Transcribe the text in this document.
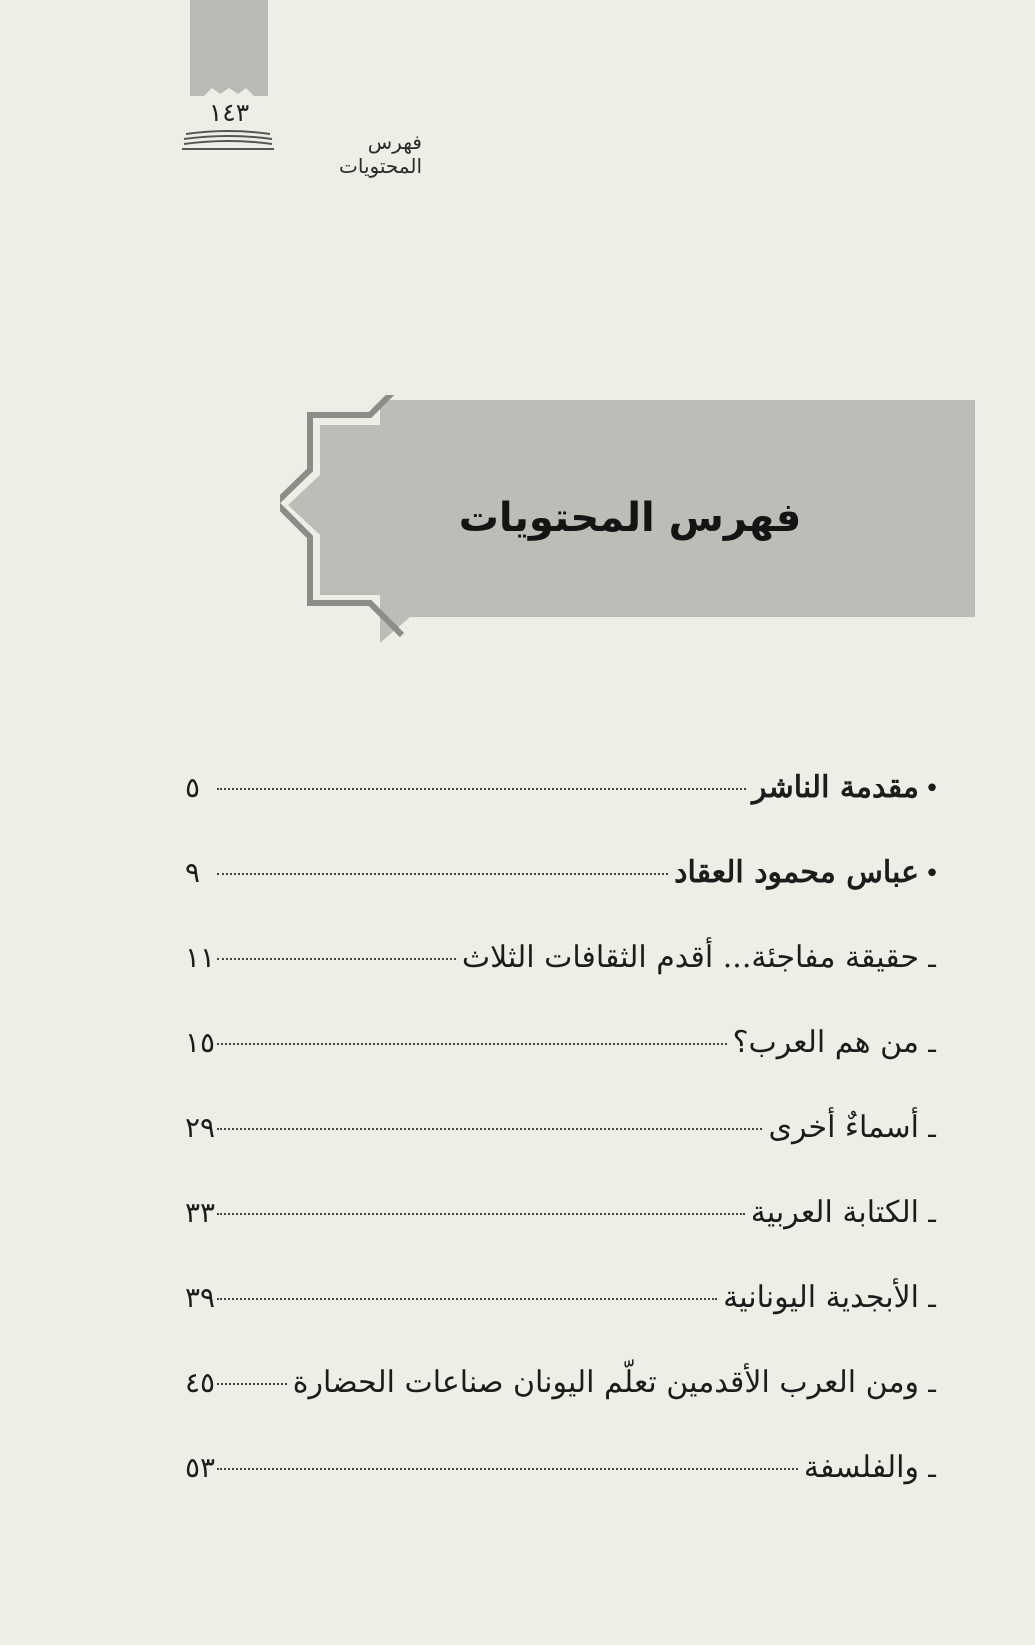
١٤٣
فهرس المحتويات
فهرس المحتويات
•
مقدمة الناشر
٥
•
عباس محمود العقاد
٩
ـ
حقيقة مفاجئة... أقدم الثقافات الثلاث
١١
ـ
من هم العرب؟
١٥
ـ
أسماءٌ أخرى
٢٩
ـ
الكتابة العربية
٣٣
ـ
الأبجدية اليونانية
٣٩
ـ
ومن العرب الأقدمين تعلّم اليونان صناعات الحضارة
٤٥
ـ
والفلسفة
٥٣
